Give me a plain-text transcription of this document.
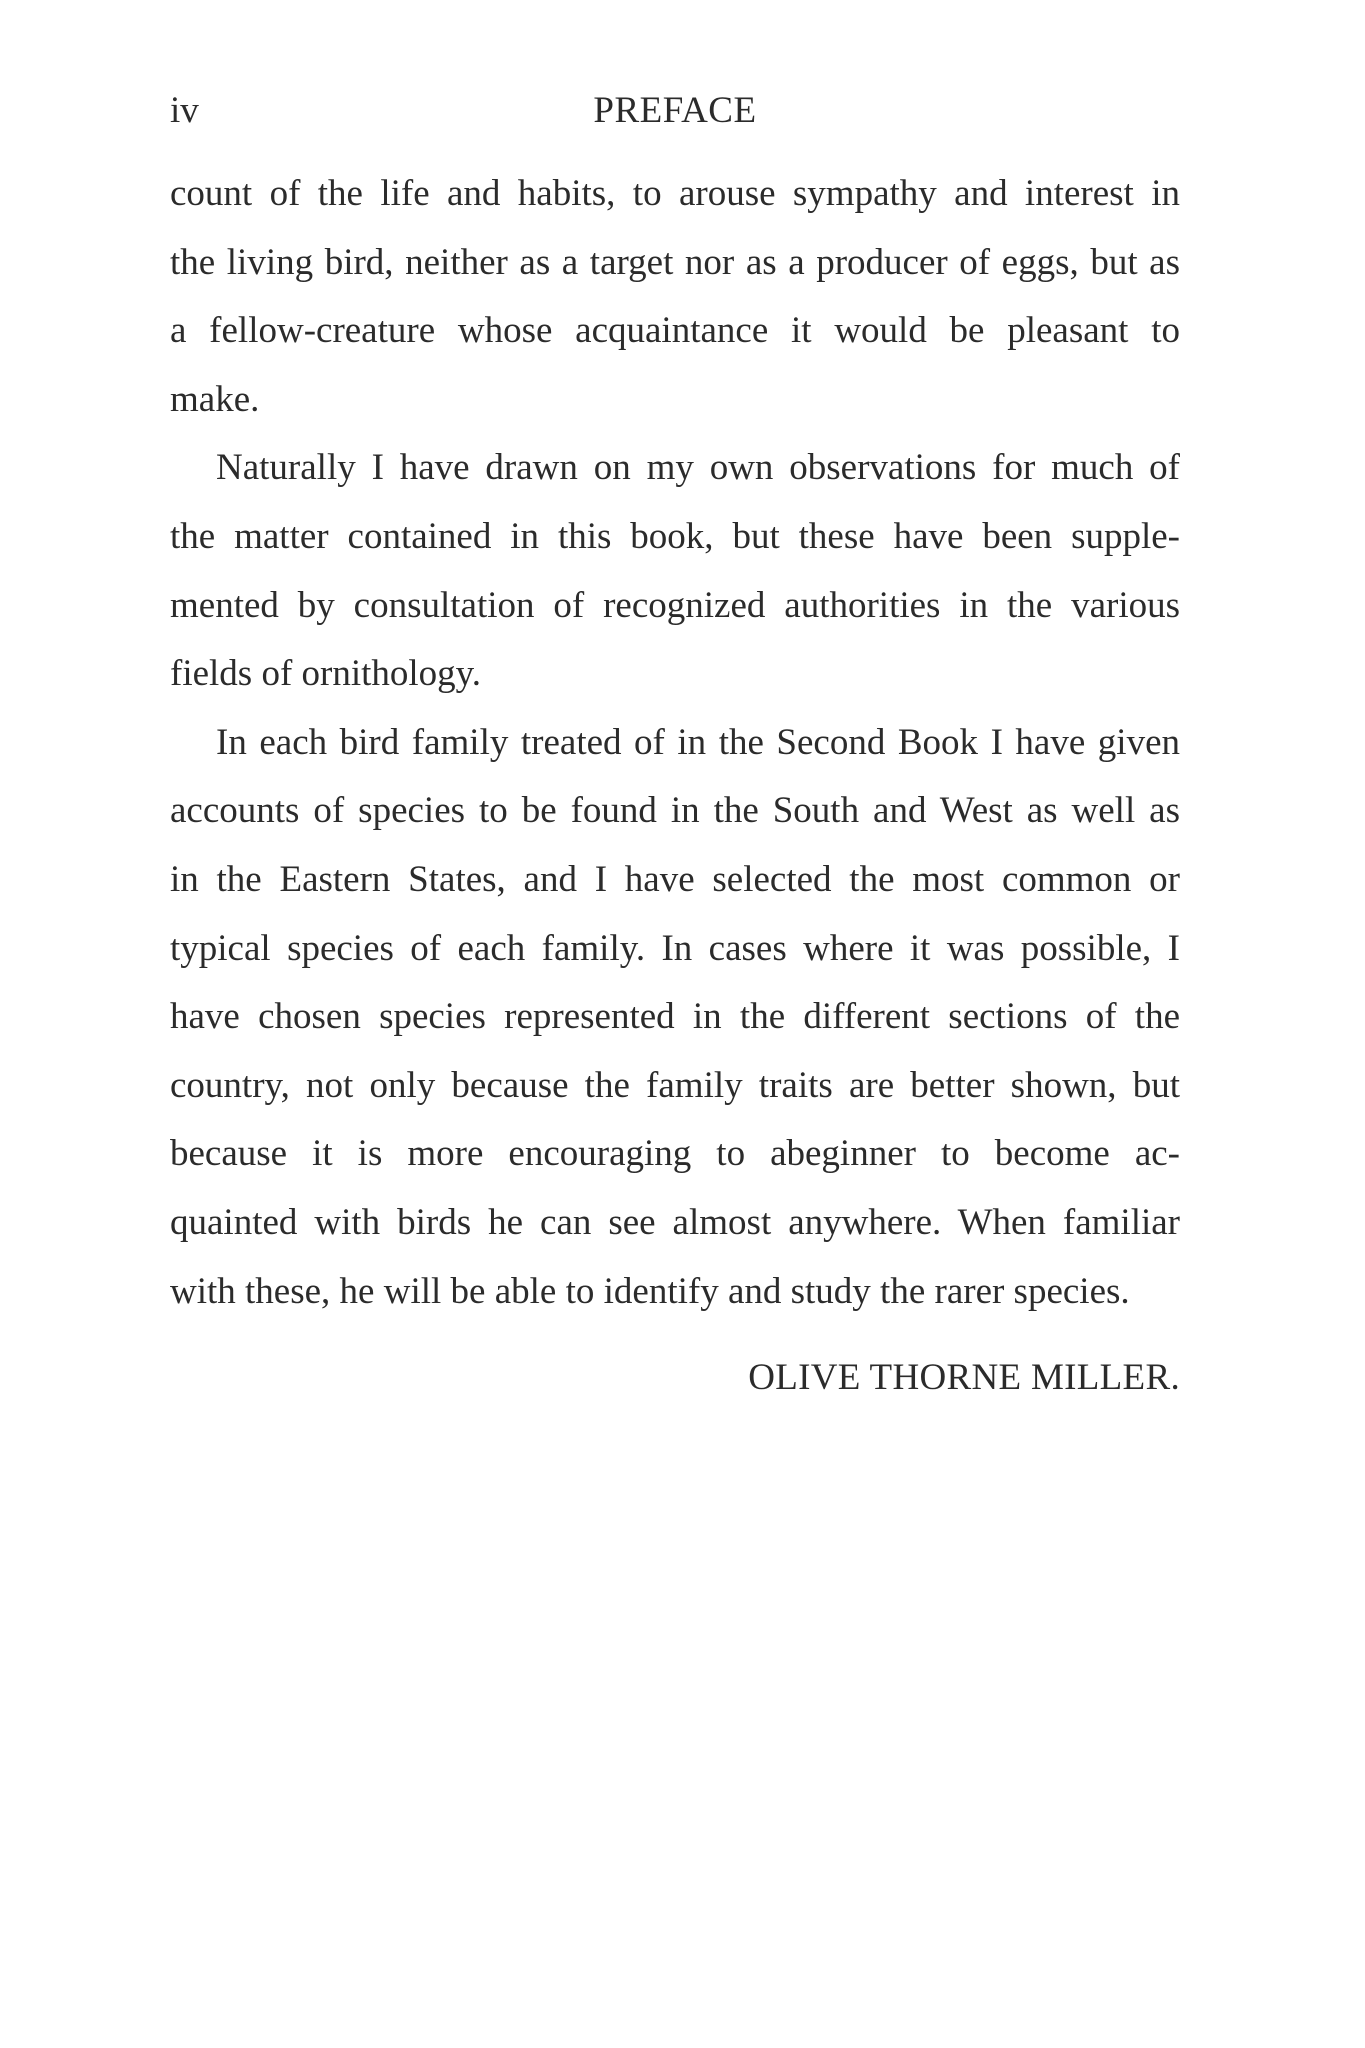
iv	PREFACE
count of the life and habits, to arouse sympathy and interest in
the living bird, neither as a target nor as a producer of eggs, but as
a fellow-creature whose acquaintance it would be pleasant to
make.
Naturally I have drawn on my own observations for much of
the matter contained in this book, but these have been supple-
mented by consultation of recognized authorities in the various
fields of ornithology.
In each bird family treated of in the Second Book I have given
accounts of species to be found in the South and West as well as
in the Eastern States, and I have selected the most common or
typical species of each family. In cases where it was possible, I
have chosen species represented in the different sections of the
country, not only because the family traits are better shown, but
because it is more encouraging to abeginner to become ac-
quainted with birds he can see almost anywhere. When familiar
with these, he will be able to identify and study the rarer species.
OLIVE THORNE MILLER.
